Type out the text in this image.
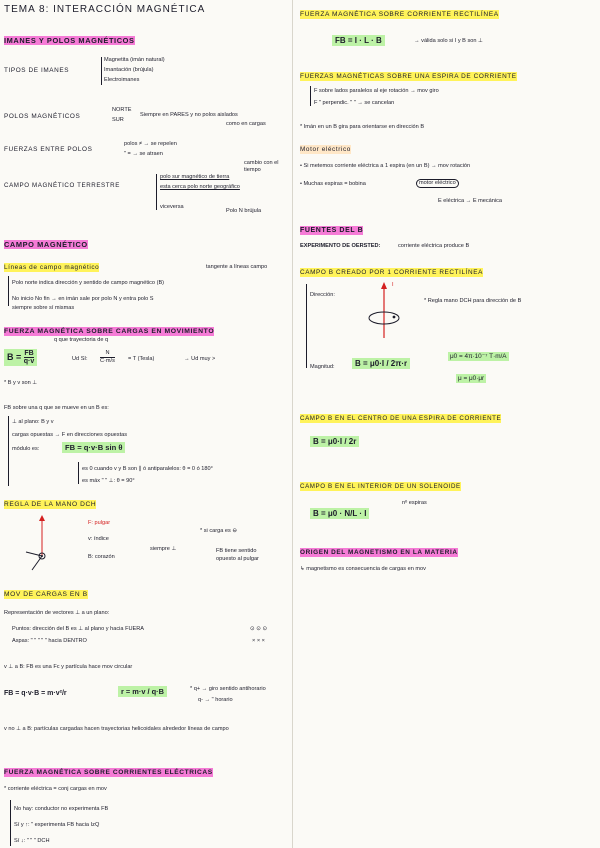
TEMA 8: INTERACCIÓN MAGNÉTICA
IMANES Y POLOS MAGNÉTICOS
TIPOS DE IMANES
Magnetita (imán natural)
Imantación (brújula)
Electroimanes
POLOS MAGNÉTICOS
NORTE
SUR
Siempre en PARES y no polos aislados
como en cargas
FUERZAS ENTRE POLOS
polos ≠ → se repelen
" = → se atraen
CAMPO MAGNÉTICO TERRESTRE
polo sur magnético de tierra
esta cerca polo norte geográfico
viceversa
cambio con el tiempo
Polo N brújula
CAMPO MAGNÉTICO
Líneas de campo magnético	tangente a líneas campo
Polo norte indica dirección y sentido de campo magnético (B)
No inicio No fin → en imán sale por polo N y entra polo S
siempre sobre sí mismas
FUERZA MAGNÉTICA SOBRE CARGAS EN MOVIMIENTO
q que trayectoria de q
$B = \frac{FB}{q\cdot v}$	Ud SI:
N
C·m/s = T (Tesla)	→ Ud muy >
* B y v son ⊥
FB sobre una q que se mueve en un B es:
⊥ al plano: B y v
cargas opuestas → F en direcciones opuestas
módulo es:	FB = q·v·B sin θ
es 0 cuando v y B son ∥ ó antiparalelos: θ = 0 ó 180°
es máx " " ⊥: θ = 90°
REGLA DE LA MANO DCH
F: pulgar
v: índice
B: corazón
siempre ⊥
* si carga es ⊖
FB tiene sentido
opuesto al pulgar
MOV DE CARGAS EN B
Representación de vectores ⊥ a un plano:
Puntos: dirección del B es ⊥ al plano y hacia FUERA
Aspas: " " " " " hacia DENTRO
⊙ ⊙ ⊙
× × ×
v ⊥ a B: FB es una Fc y partícula hace mov circular
FB = q·v·B = m·v²/r	r = m·v / q·B	* q+ → giro sentido antihorario
q- → " horario
v no ⊥ a B: partículas cargadas hacen trayectorias helicoidales alrededor líneas de campo
FUERZA MAGNÉTICA SOBRE CORRIENTES ELÉCTRICAS
* corriente eléctrica = conj cargas en mov
No hay: conductor no experimenta FB
Sí y ↑: " experimenta FB hacia IzQ
Sí ↓: " " " DCH
FUERZA MAGNÉTICA SOBRE CORRIENTE RECTILÍNEA
FB = I · L · B	→ válida solo si I y B son ⊥
FUERZAS MAGNÉTICAS SOBRE UNA ESPIRA DE CORRIENTE
F sobre lados paralelos al eje rotación → mov giro
F " perpendic. " " → se cancelan
* Imán en un B gira para orientarse en dirección B
Motor eléctrico
• Si metemos corriente eléctrica a 1 espira (en un B) → mov rotación
• Muchas espiras = bobina	motor eléctrico
E eléctrica → E mecánica
FUENTES DEL B
EXPERIMENTO DE OERSTED:	corriente eléctrica produce B
CAMPO B CREADO POR 1 CORRIENTE RECTILÍNEA
Dirección:
I
* Regla mano DCH para dirección de B
Magnitud:	B = μ0·I / 2π·r
μ0 = 4π·10⁻⁷ T·m/A
μ = μ0·μr
CAMPO B EN EL CENTRO DE UNA ESPIRA DE CORRIENTE
B = μ0·I / 2r
CAMPO B EN EL INTERIOR DE UN SOLENOIDE
B = μ0 · N/L · I
nº espiras
ORIGEN DEL MAGNETISMO EN LA MATERIA
↳ magnetismo es consecuencia de cargas en mov
